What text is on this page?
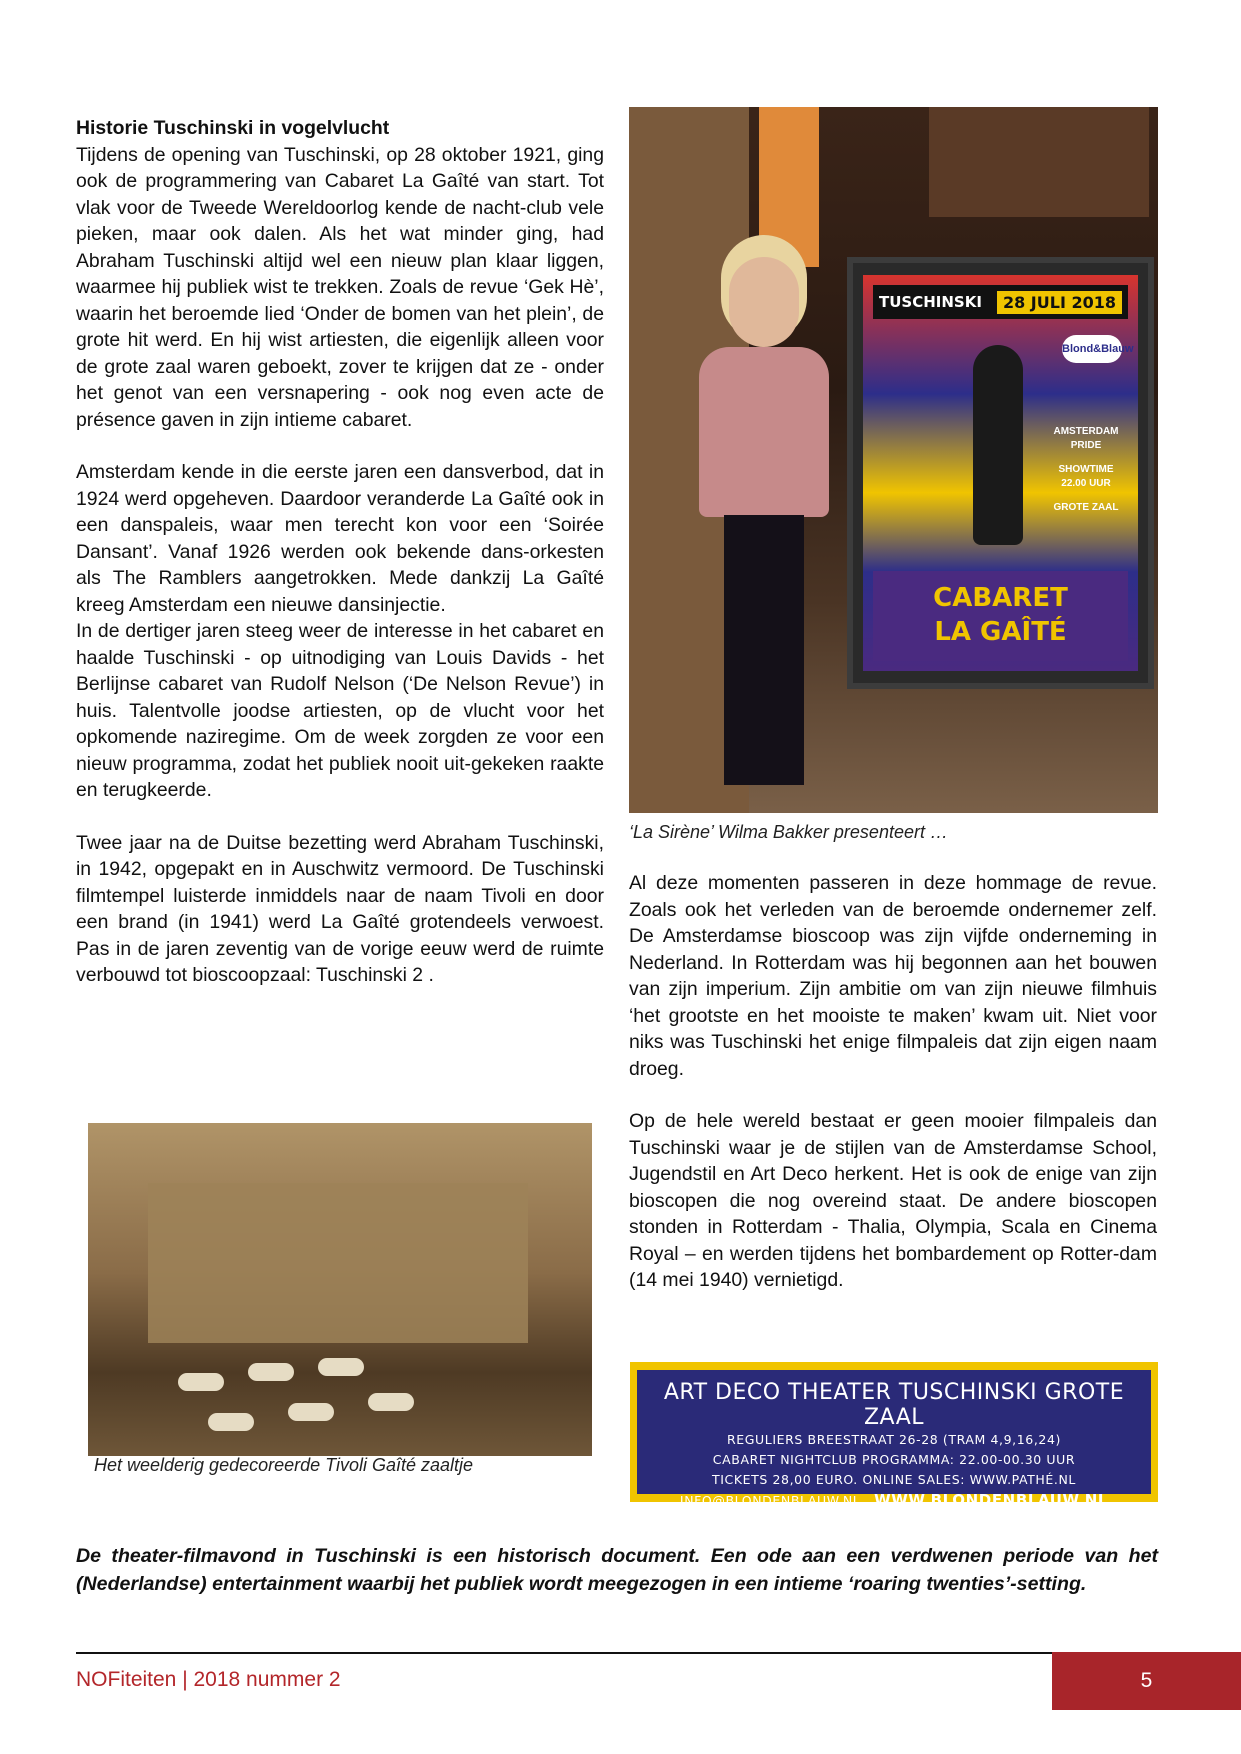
Historie Tuschinski in vogelvlucht

Tijdens de opening van Tuschinski, op 28 oktober 1921, ging ook de programmering van Cabaret La Gaîté van start. Tot vlak voor de Tweede Wereldoorlog kende de nacht-club vele pieken, maar ook dalen. Als het wat minder ging, had Abraham Tuschinski altijd wel een nieuw plan klaar liggen, waarmee hij publiek wist te trekken. Zoals de revue ‘Gek Hè’, waarin het beroemde lied ‘Onder de bomen van het plein’, de grote hit werd. En hij wist artiesten, die eigenlijk alleen voor de grote zaal waren geboekt, zover te krijgen dat ze - onder het genot van een versnapering - ook nog even acte de présence gaven in zijn intieme cabaret.

Amsterdam kende in die eerste jaren een dansverbod, dat in 1924 werd opgeheven. Daardoor veranderde La Gaîté ook in een danspaleis, waar men terecht kon voor een ‘Soirée Dansant’. Vanaf 1926 werden ook bekende dans-orkesten als The Ramblers aangetrokken. Mede dankzij La Gaîté kreeg Amsterdam een nieuwe dansinjectie.

In de dertiger jaren steeg weer de interesse in het cabaret en haalde Tuschinski - op uitnodiging van Louis Davids - het Berlijnse cabaret van Rudolf Nelson (‘De Nelson Revue’) in huis. Talentvolle joodse artiesten, op de vlucht voor het opkomende naziregime. Om de week zorgden ze voor een nieuw programma, zodat het publiek nooit uit-gekeken raakte en terugkeerde.

Twee jaar na de Duitse bezetting werd Abraham Tuschinski, in 1942, opgepakt en in Auschwitz vermoord. De Tuschinski filmtempel luisterde inmiddels naar de naam Tivoli en door een brand (in 1941) werd La Gaîté grotendeels verwoest. Pas in de jaren zeventig van de vorige eeuw werd de ruimte verbouwd tot bioscoopzaal: Tuschinski 2 .

TUSCHINSKI	28 JULI 2018
Blond&Blauw
AMSTERDAM PRIDE
SHOWTIME 22.00 UUR
GROTE ZAAL
CABARET
LA GAÎTÉ
‘La Sirène’ Wilma Bakker presenteert …

Al deze momenten passeren in deze hommage de revue. Zoals ook het verleden van de beroemde ondernemer zelf. De Amsterdamse bioscoop was zijn vijfde onderneming in Nederland. In Rotterdam was hij begonnen aan het bouwen van zijn imperium. Zijn ambitie om van zijn nieuwe filmhuis ‘het grootste en het mooiste te maken’ kwam uit. Niet voor niks was Tuschinski het enige filmpaleis dat zijn eigen naam droeg.

Op de hele wereld bestaat er geen mooier filmpaleis dan Tuschinski waar je de stijlen van de Amsterdamse School, Jugendstil en Art Deco herkent. Het is ook de enige van zijn bioscopen die nog overeind staat. De andere bioscopen stonden in Rotterdam - Thalia, Olympia, Scala en Cinema Royal – en werden tijdens het bombardement op Rotter-dam (14 mei 1940) vernietigd.

Het weelderig gedecoreerde Tivoli Gaîté zaaltje
ART DECO THEATER TUSCHINSKI GROTE ZAAL
REGULIERS BREESTRAAT 26-28 (TRAM 4,9,16,24)
CABARET NIGHTCLUB PROGRAMMA: 22.00-00.30 UUR
TICKETS 28,00 EURO. ONLINE SALES: WWW.PATHÉ.NL
INFO@BLONDENBLAUW.NL WWW.BLONDENBLAUW.NL
De theater-filmavond in Tuschinski is een historisch document. Een ode aan een verdwenen periode van het (Nederlandse) entertainment waarbij het publiek wordt meegezogen in een intieme ‘roaring twenties’-setting.
NOFiteiten | 2018 nummer 2	5
